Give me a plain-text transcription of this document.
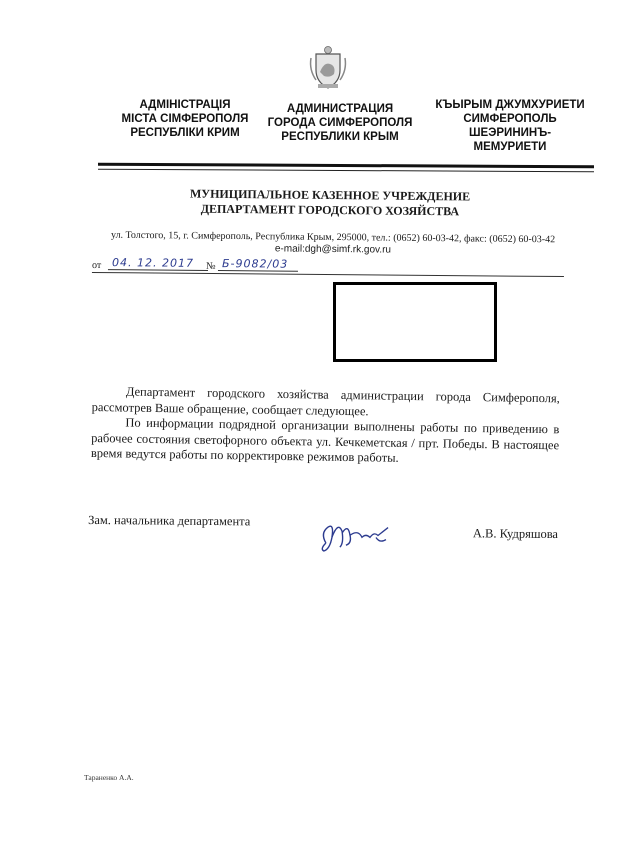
АДМІНІСТРАЦІЯ
МІСТА СІМФЕРОПОЛЯ
РЕСПУБЛІКИ КРИМ
АДМИНИСТРАЦИЯ
ГОРОДА СИМФЕРОПОЛЯ
РЕСПУБЛИКИ КРЫМ
КЪЫРЫМ ДЖУМХУРИЕТИ
СИМФЕРОПОЛЬ
ШЕЭРИНИНЪ-
МЕМУРИЕТИ
МУНИЦИПАЛЬНОЕ КАЗЕННОЕ УЧРЕЖДЕНИЕ
ДЕПАРТАМЕНТ ГОРОДСКОГО ХОЗЯЙСТВА
ул. Толстого, 15, г. Симферополь, Республика Крым, 295000, тел.: (0652) 60-03-42, факс: (0652) 60-03-42
e-mail:dgh@simf.rk.gov.ru
от 04. 12. 2017	№ Б-9082/03

Департамент городского хозяйства администрации города Симферополя, рассмотрев Ваше обращение, сообщает следующее.

По информации подрядной организации выполнены работы по приведению в рабочее состояния светофорного объекта ул. Кечкеметская / прт. Победы. В настоящее время ведутся работы по корректировке режимов работы.

Зам. начальника департамента
А.В. Кудряшова
Тараненко А.А.
